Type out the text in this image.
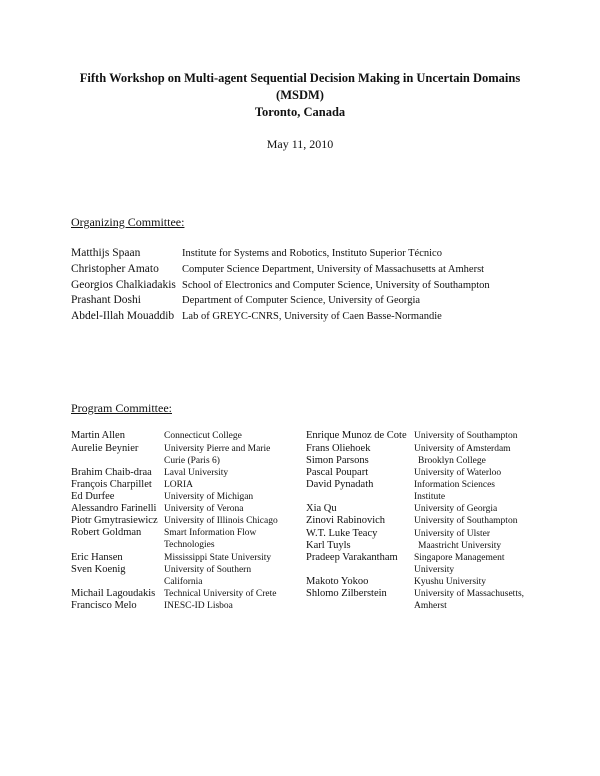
Fifth Workshop on Multi-agent Sequential Decision Making in Uncertain Domains
(MSDM)
Toronto, Canada
May 11, 2010
Organizing Committee:
Matthijs Spaan	Institute for Systems and Robotics, Instituto Superior Técnico
Christopher Amato Computer Science Department, University of Massachusetts at Amherst
Georgios Chalkiadakis School of Electronics and Computer Science, University of Southampton
Prashant Doshi	Department of Computer Science, University of Georgia
Abdel-Illah Mouaddib Lab of GREYC-CNRS, University of Caen Basse-Normandie
Program Committee:
Martin Allen	Connecticut College
Aurelie Beynier	University Pierre and Marie Curie (Paris 6)
Brahim Chaib-draa Laval University
François Charpillet LORIA
Ed Durfee	University of Michigan
Alessandro Farinelli University of Verona
Piotr Gmytrasiewicz University of Illinois Chicago
Robert Goldman Smart Information Flow Technologies
Eric Hansen	Mississippi State University
Sven Koenig	University of Southern California
Michail Lagoudakis Technical University of Crete
Francisco Melo	INESC-ID Lisboa
Enrique Munoz de Cote University of Southampton
Frans Oliehoek	University of Amsterdam
Simon Parsons	Brooklyn College
Pascal Poupart	University of Waterloo
David Pynadath	Information Sciences Institute
Xia Qu	University of Georgia
Zinovi Rabinovich	University of Southampton
W.T. Luke Teacy	University of Ulster
Karl Tuyls	Maastricht University
Pradeep Varakantham Singapore Management University
Makoto Yokoo	Kyushu University
Shlomo Zilberstein	University of Massachusetts, Amherst
